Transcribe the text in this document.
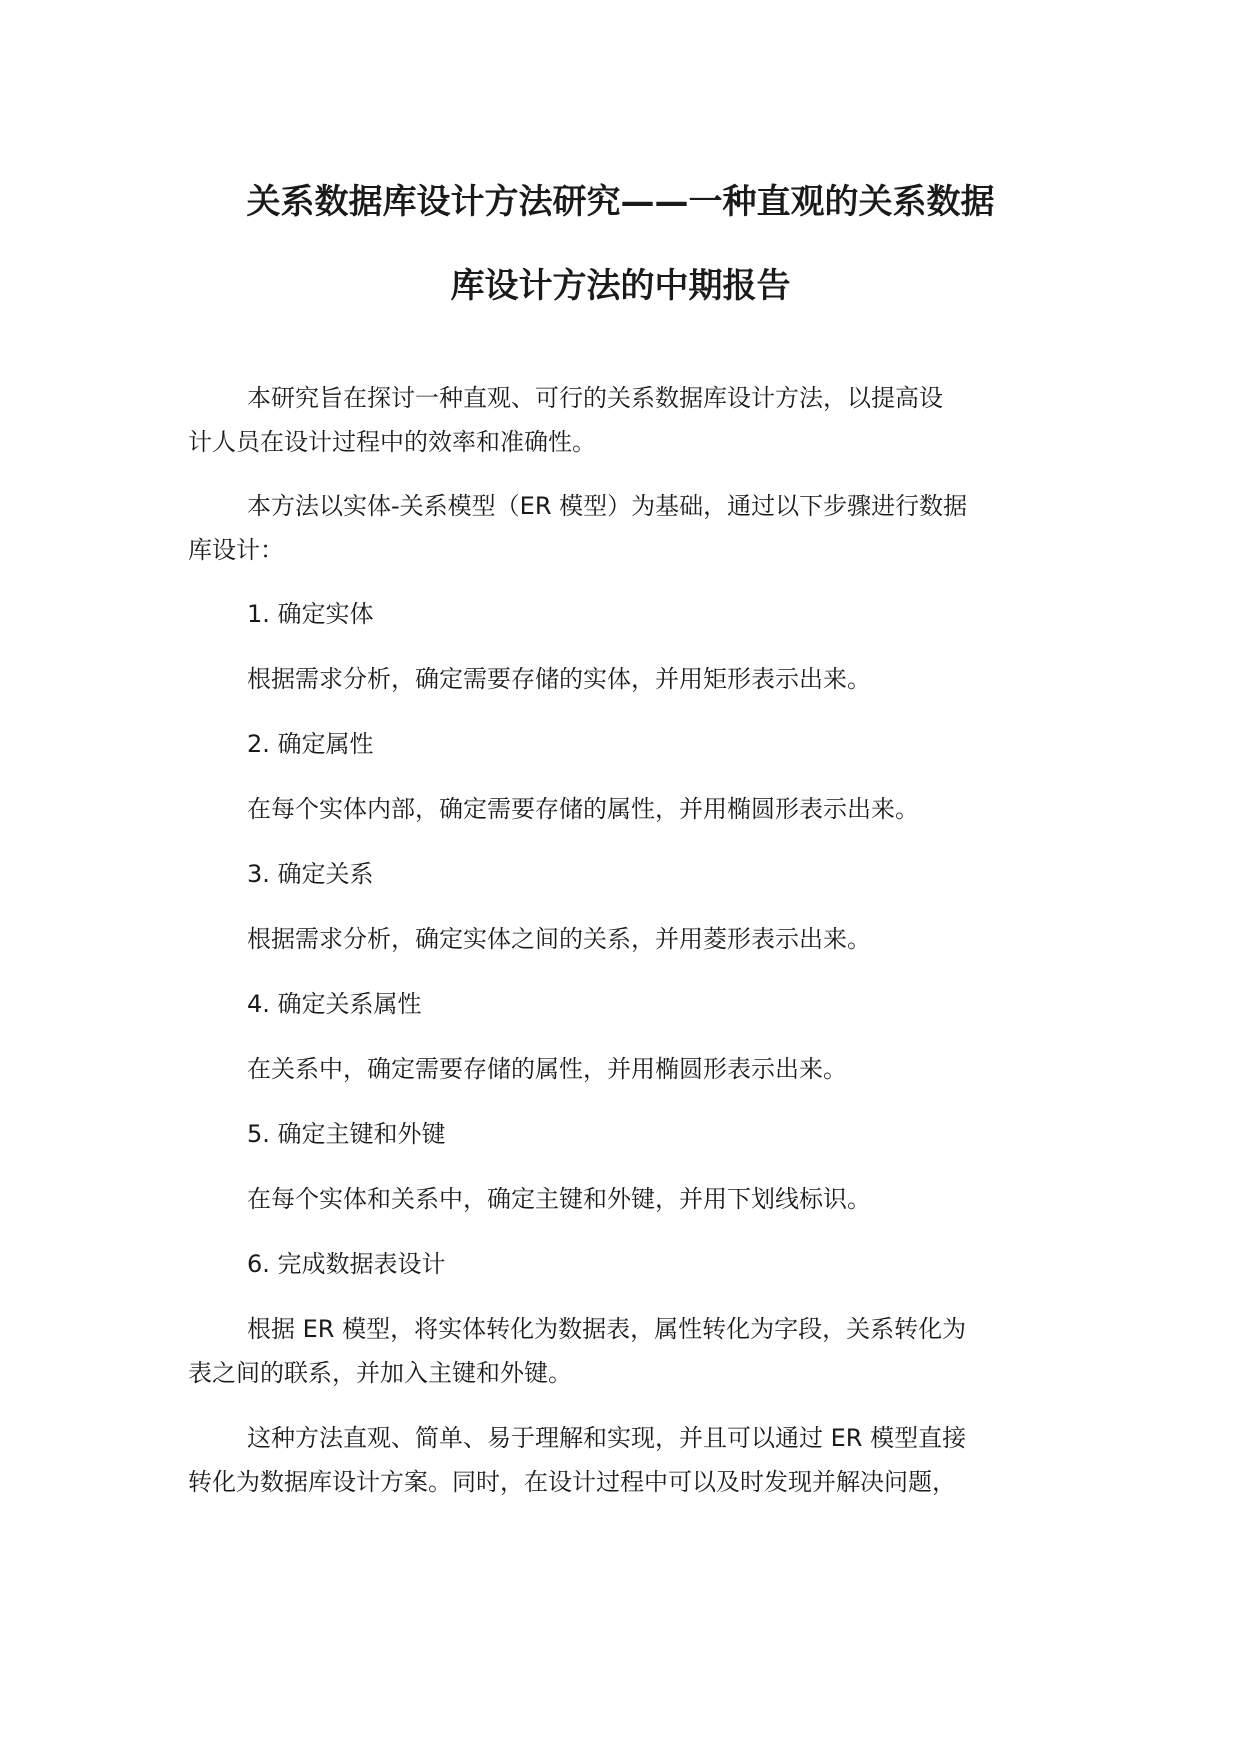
关系数据库设计方法研究——一种直观的关系数据
库设计方法的中期报告
本研究旨在探讨一种直观、可行的关系数据库设计方法，以提高设
计人员在设计过程中的效率和准确性。
本方法以实体-关系模型（ER 模型）为基础，通过以下步骤进行数据
库设计：
1. 确定实体
根据需求分析，确定需要存储的实体，并用矩形表示出来。
2. 确定属性
在每个实体内部，确定需要存储的属性，并用椭圆形表示出来。
3. 确定关系
根据需求分析，确定实体之间的关系，并用菱形表示出来。
4. 确定关系属性
在关系中，确定需要存储的属性，并用椭圆形表示出来。
5. 确定主键和外键
在每个实体和关系中，确定主键和外键，并用下划线标识。
6. 完成数据表设计
根据 ER 模型，将实体转化为数据表，属性转化为字段，关系转化为
表之间的联系，并加入主键和外键。
这种方法直观、简单、易于理解和实现，并且可以通过 ER 模型直接
转化为数据库设计方案。同时，在设计过程中可以及时发现并解决问题，
